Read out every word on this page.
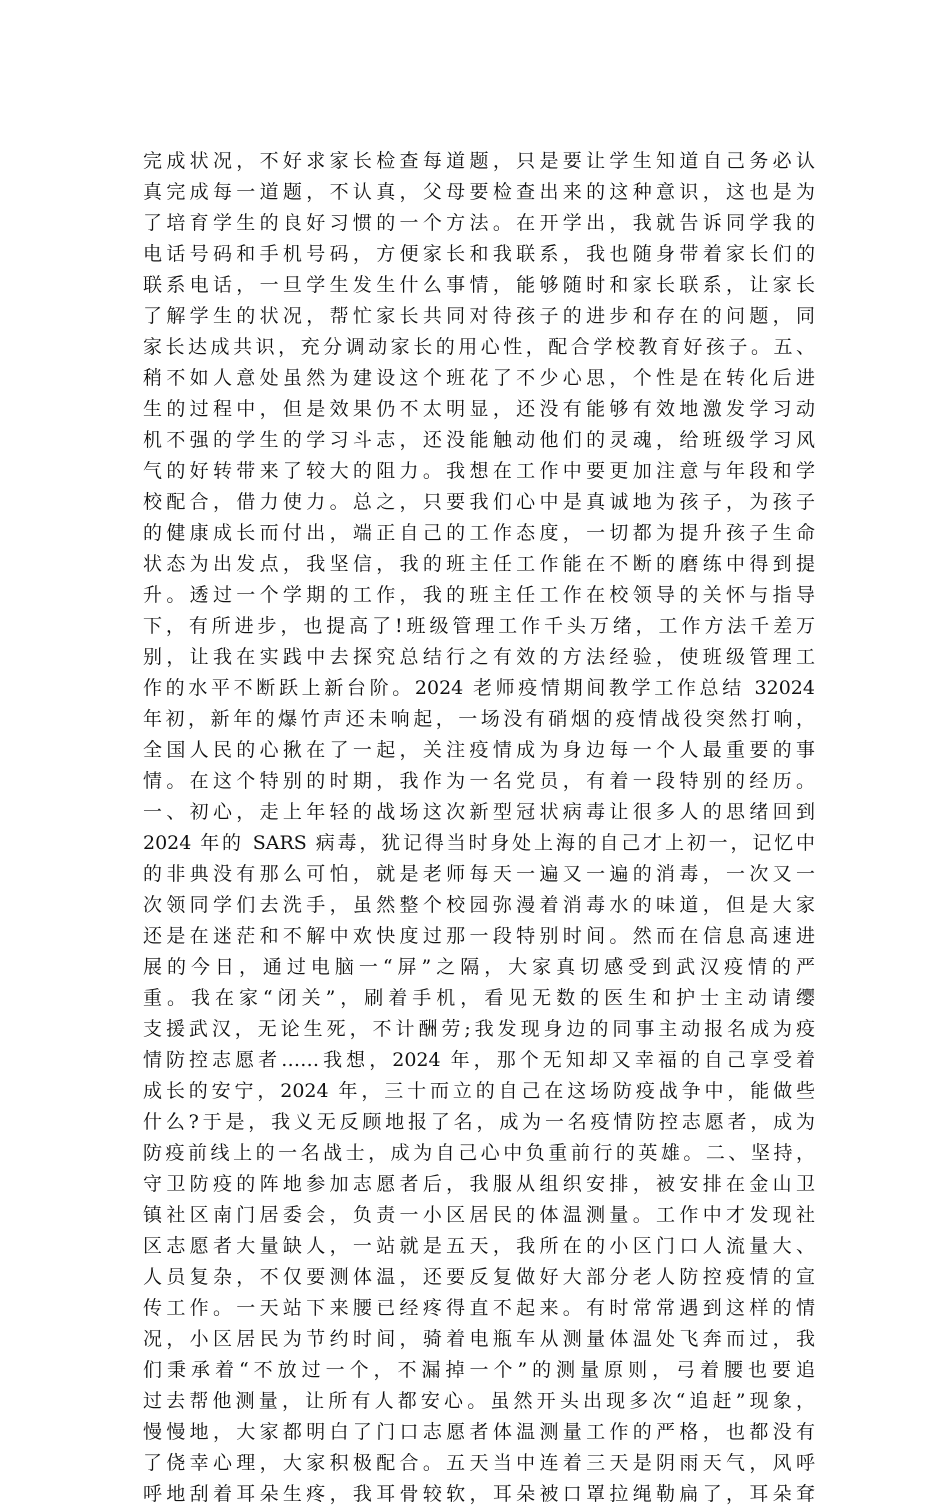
完成状况，不好求家长检查每道题，只是要让学生知道自己务必认
真完成每一道题，不认真，父母要检查出来的这种意识，这也是为
了培育学生的良好习惯的一个方法。在开学出，我就告诉同学我的
电话号码和手机号码，方便家长和我联系，我也随身带着家长们的
联系电话，一旦学生发生什么事情，能够随时和家长联系，让家长
了解学生的状况，帮忙家长共同对待孩子的进步和存在的问题，同
家长达成共识，充分调动家长的用心性，配合学校教育好孩子。五、
稍不如人意处虽然为建设这个班花了不少心思，个性是在转化后进
生的过程中，但是效果仍不太明显，还没有能够有效地激发学习动
机不强的学生的学习斗志，还没能触动他们的灵魂，给班级学习风
气的好转带来了较大的阻力。我想在工作中要更加注意与年段和学
校配合，借力使力。总之，只要我们心中是真诚地为孩子，为孩子
的健康成长而付出，端正自己的工作态度，一切都为提升孩子生命
状态为出发点，我坚信，我的班主任工作能在不断的磨练中得到提
升。透过一个学期的工作，我的班主任工作在校领导的关怀与指导
下，有所进步，也提高了!班级管理工作千头万绪，工作方法千差万
别，让我在实践中去探究总结行之有效的方法经验，使班级管理工
作的水平不断跃上新台阶。2024 老师疫情期间教学工作总结 32024
年初，新年的爆竹声还未响起，一场没有硝烟的疫情战役突然打响，
全国人民的心揪在了一起，关注疫情成为身边每一个人最重要的事
情。在这个特别的时期，我作为一名党员，有着一段特别的经历。
一、初心，走上年轻的战场这次新型冠状病毒让很多人的思绪回到
2024 年的 SARS 病毒，犹记得当时身处上海的自己才上初一，记忆中
的非典没有那么可怕，就是老师每天一遍又一遍的消毒，一次又一
次领同学们去洗手，虽然整个校园弥漫着消毒水的味道，但是大家
还是在迷茫和不解中欢快度过那一段特别时间。然而在信息高速进
展的今日，通过电脑一“屏”之隔，大家真切感受到武汉疫情的严
重。我在家“闭关”，刷着手机，看见无数的医生和护士主动请缨
支援武汉，无论生死，不计酬劳;我发现身边的同事主动报名成为疫
情防控志愿者……我想，2024 年，那个无知却又幸福的自己享受着
成长的安宁，2024 年，三十而立的自己在这场防疫战争中，能做些
什么?于是，我义无反顾地报了名，成为一名疫情防控志愿者，成为
防疫前线上的一名战士，成为自己心中负重前行的英雄。二、坚持，
守卫防疫的阵地参加志愿者后，我服从组织安排，被安排在金山卫
镇社区南门居委会，负责一小区居民的体温测量。工作中才发现社
区志愿者大量缺人，一站就是五天，我所在的小区门口人流量大、
人员复杂，不仅要测体温，还要反复做好大部分老人防控疫情的宣
传工作。一天站下来腰已经疼得直不起来。有时常常遇到这样的情
况，小区居民为节约时间，骑着电瓶车从测量体温处飞奔而过，我
们秉承着“不放过一个，不漏掉一个”的测量原则，弓着腰也要追
过去帮他测量，让所有人都安心。虽然开头出现多次“追赶”现象，
慢慢地，大家都明白了门口志愿者体温测量工作的严格，也都没有
了侥幸心理，大家积极配合。五天当中连着三天是阴雨天气，风呼
呼地刮着耳朵生疼，我耳骨较软，耳朵被口罩拉绳勒扁了，耳朵耷
